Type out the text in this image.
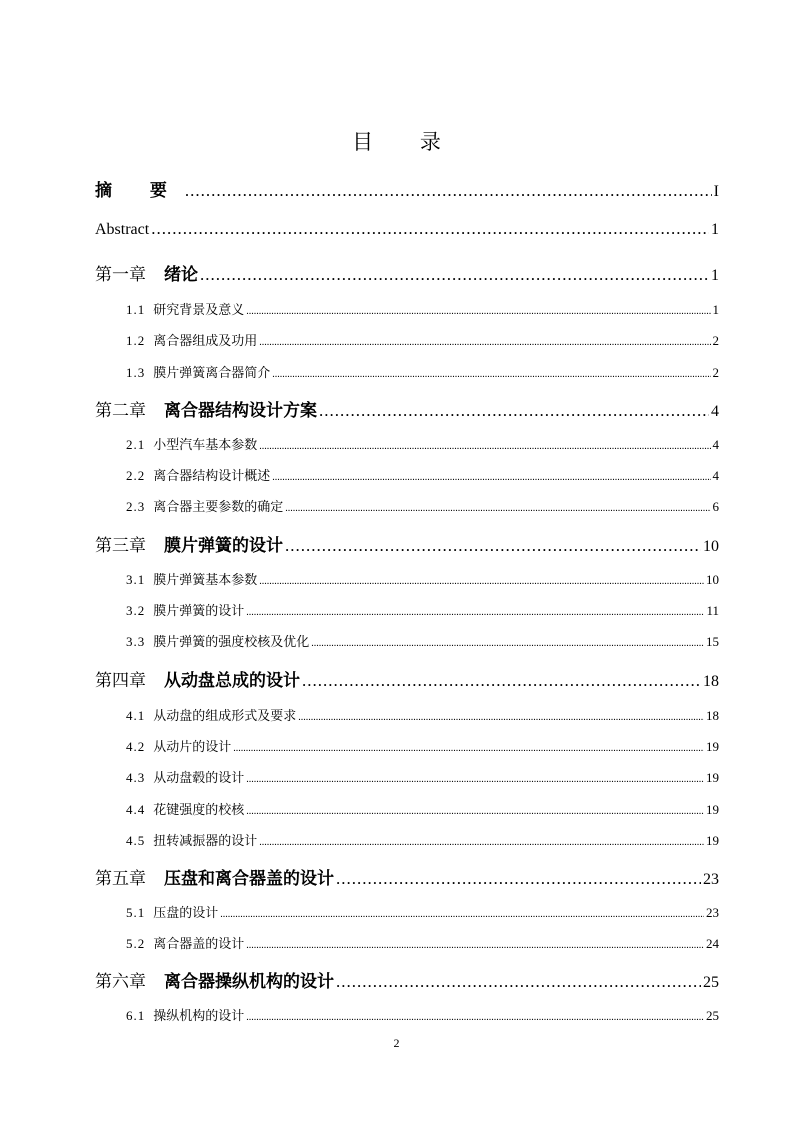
目 录
摘 要 .....	I
Abstract .....	1
第一章 绪论 .....	1
1.1 研究背景及意义 .....	1
1.2 离合器组成及功用 .....	2
1.3 膜片弹簧离合器简介 .....	2
第二章 离合器结构设计方案 .....	4
2.1 小型汽车基本参数 .....	4
2.2 离合器结构设计概述 .....	4
2.3 离合器主要参数的确定 .....	6
第三章 膜片弹簧的设计 .....	10
3.1 膜片弹簧基本参数 .....	10
3.2 膜片弹簧的设计 .....	11
3.3 膜片弹簧的强度校核及优化 .....	15
第四章 从动盘总成的设计 .....	18
4.1 从动盘的组成形式及要求 .....	18
4.2 从动片的设计 .....	19
4.3 从动盘毂的设计 .....	19
4.4 花键强度的校核 .....	19
4.5 扭转减振器的设计 .....	19
第五章 压盘和离合器盖的设计 .....	23
5.1 压盘的设计 .....	23
5.2 离合器盖的设计 .....	24
第六章 离合器操纵机构的设计 .....	25
6.1 操纵机构的设计 .....	25
2
